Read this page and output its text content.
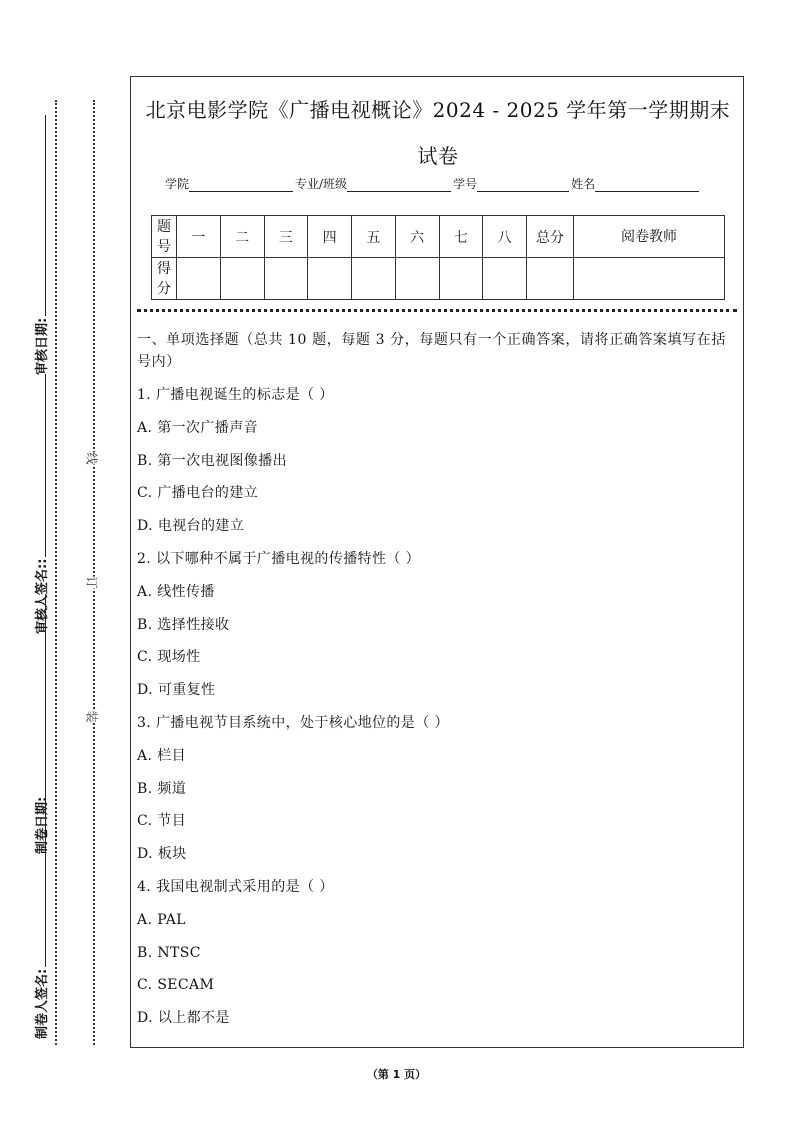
审核日期:
审核人签名::
制卷日期:
制卷人签名:
线
订
装
北京电影学院《广播电视概论》2024 - 2025 学年第一学期期末试卷
学院	专业/班级	学号	姓名
题号	一	二	三	四	五	六	七	八	总分	阅卷教师
得分										
一、单项选择题（总共 10 题，每题 3 分，每题只有一个正确答案，请将正确答案填写在括号内）
1. 广播电视诞生的标志是（ ）
A. 第一次广播声音
B. 第一次电视图像播出
C. 广播电台的建立
D. 电视台的建立
2. 以下哪种不属于广播电视的传播特性（ ）
A. 线性传播
B. 选择性接收
C. 现场性
D. 可重复性
3. 广播电视节目系统中，处于核心地位的是（ ）
A. 栏目
B. 频道
C. 节目
D. 板块
4. 我国电视制式采用的是（ ）
A. PAL
B. NTSC
C. SECAM
D. 以上都不是
（第 1 页）
